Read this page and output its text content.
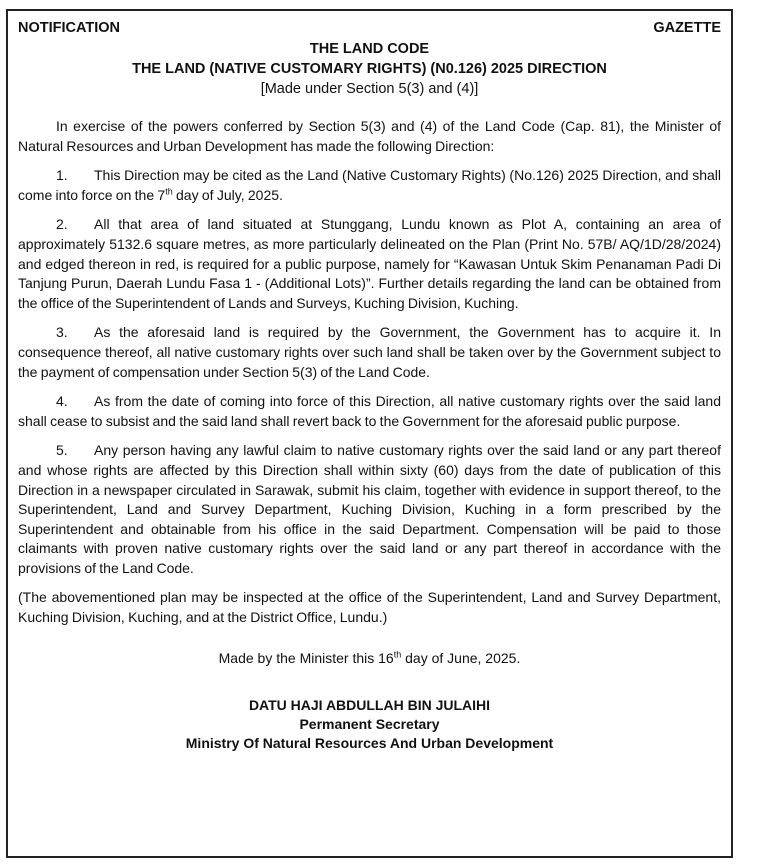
NOTIFICATION	GAZETTE
THE LAND CODE
THE LAND (NATIVE CUSTOMARY RIGHTS) (N0.126) 2025 DIRECTION
[Made under Section 5(3) and (4)]

In exercise of the powers conferred by Section 5(3) and (4) of the Land Code (Cap. 81), the Minister of Natural Resources and Urban Development has made the following Direction:

1. This Direction may be cited as the Land (Native Customary Rights) (No.126) 2025 Direction, and shall come into force on the 7th day of July, 2025.

2. All that area of land situated at Stunggang, Lundu known as Plot A, containing an area of approximately 5132.6 square metres, as more particularly delineated on the Plan (Print No. 57B/ AQ/1D/28/2024) and edged thereon in red, is required for a public purpose, namely for “Kawasan Untuk Skim Penanaman Padi Di Tanjung Purun, Daerah Lundu Fasa 1 - (Additional Lots)”. Further details regarding the land can be obtained from the office of the Superintendent of Lands and Surveys, Kuching Division, Kuching.

3. As the aforesaid land is required by the Government, the Government has to acquire it. In consequence thereof, all native customary rights over such land shall be taken over by the Government subject to the payment of compensation under Section 5(3) of the Land Code.

4. As from the date of coming into force of this Direction, all native customary rights over the said land shall cease to subsist and the said land shall revert back to the Government for the aforesaid public purpose.

5. Any person having any lawful claim to native customary rights over the said land or any part thereof and whose rights are affected by this Direction shall within sixty (60) days from the date of publication of this Direction in a newspaper circulated in Sarawak, submit his claim, together with evidence in support thereof, to the Superintendent, Land and Survey Department, Kuching Division, Kuching in a form prescribed by the Superintendent and obtainable from his office in the said Department. Compensation will be paid to those claimants with proven native customary rights over the said land or any part thereof in accordance with the provisions of the Land Code.

(The abovementioned plan may be inspected at the office of the Superintendent, Land and Survey Department, Kuching Division, Kuching, and at the District Office, Lundu.)

Made by the Minister this 16th day of June, 2025.
DATU HAJI ABDULLAH BIN JULAIHI
Permanent Secretary
Ministry Of Natural Resources And Urban Development
